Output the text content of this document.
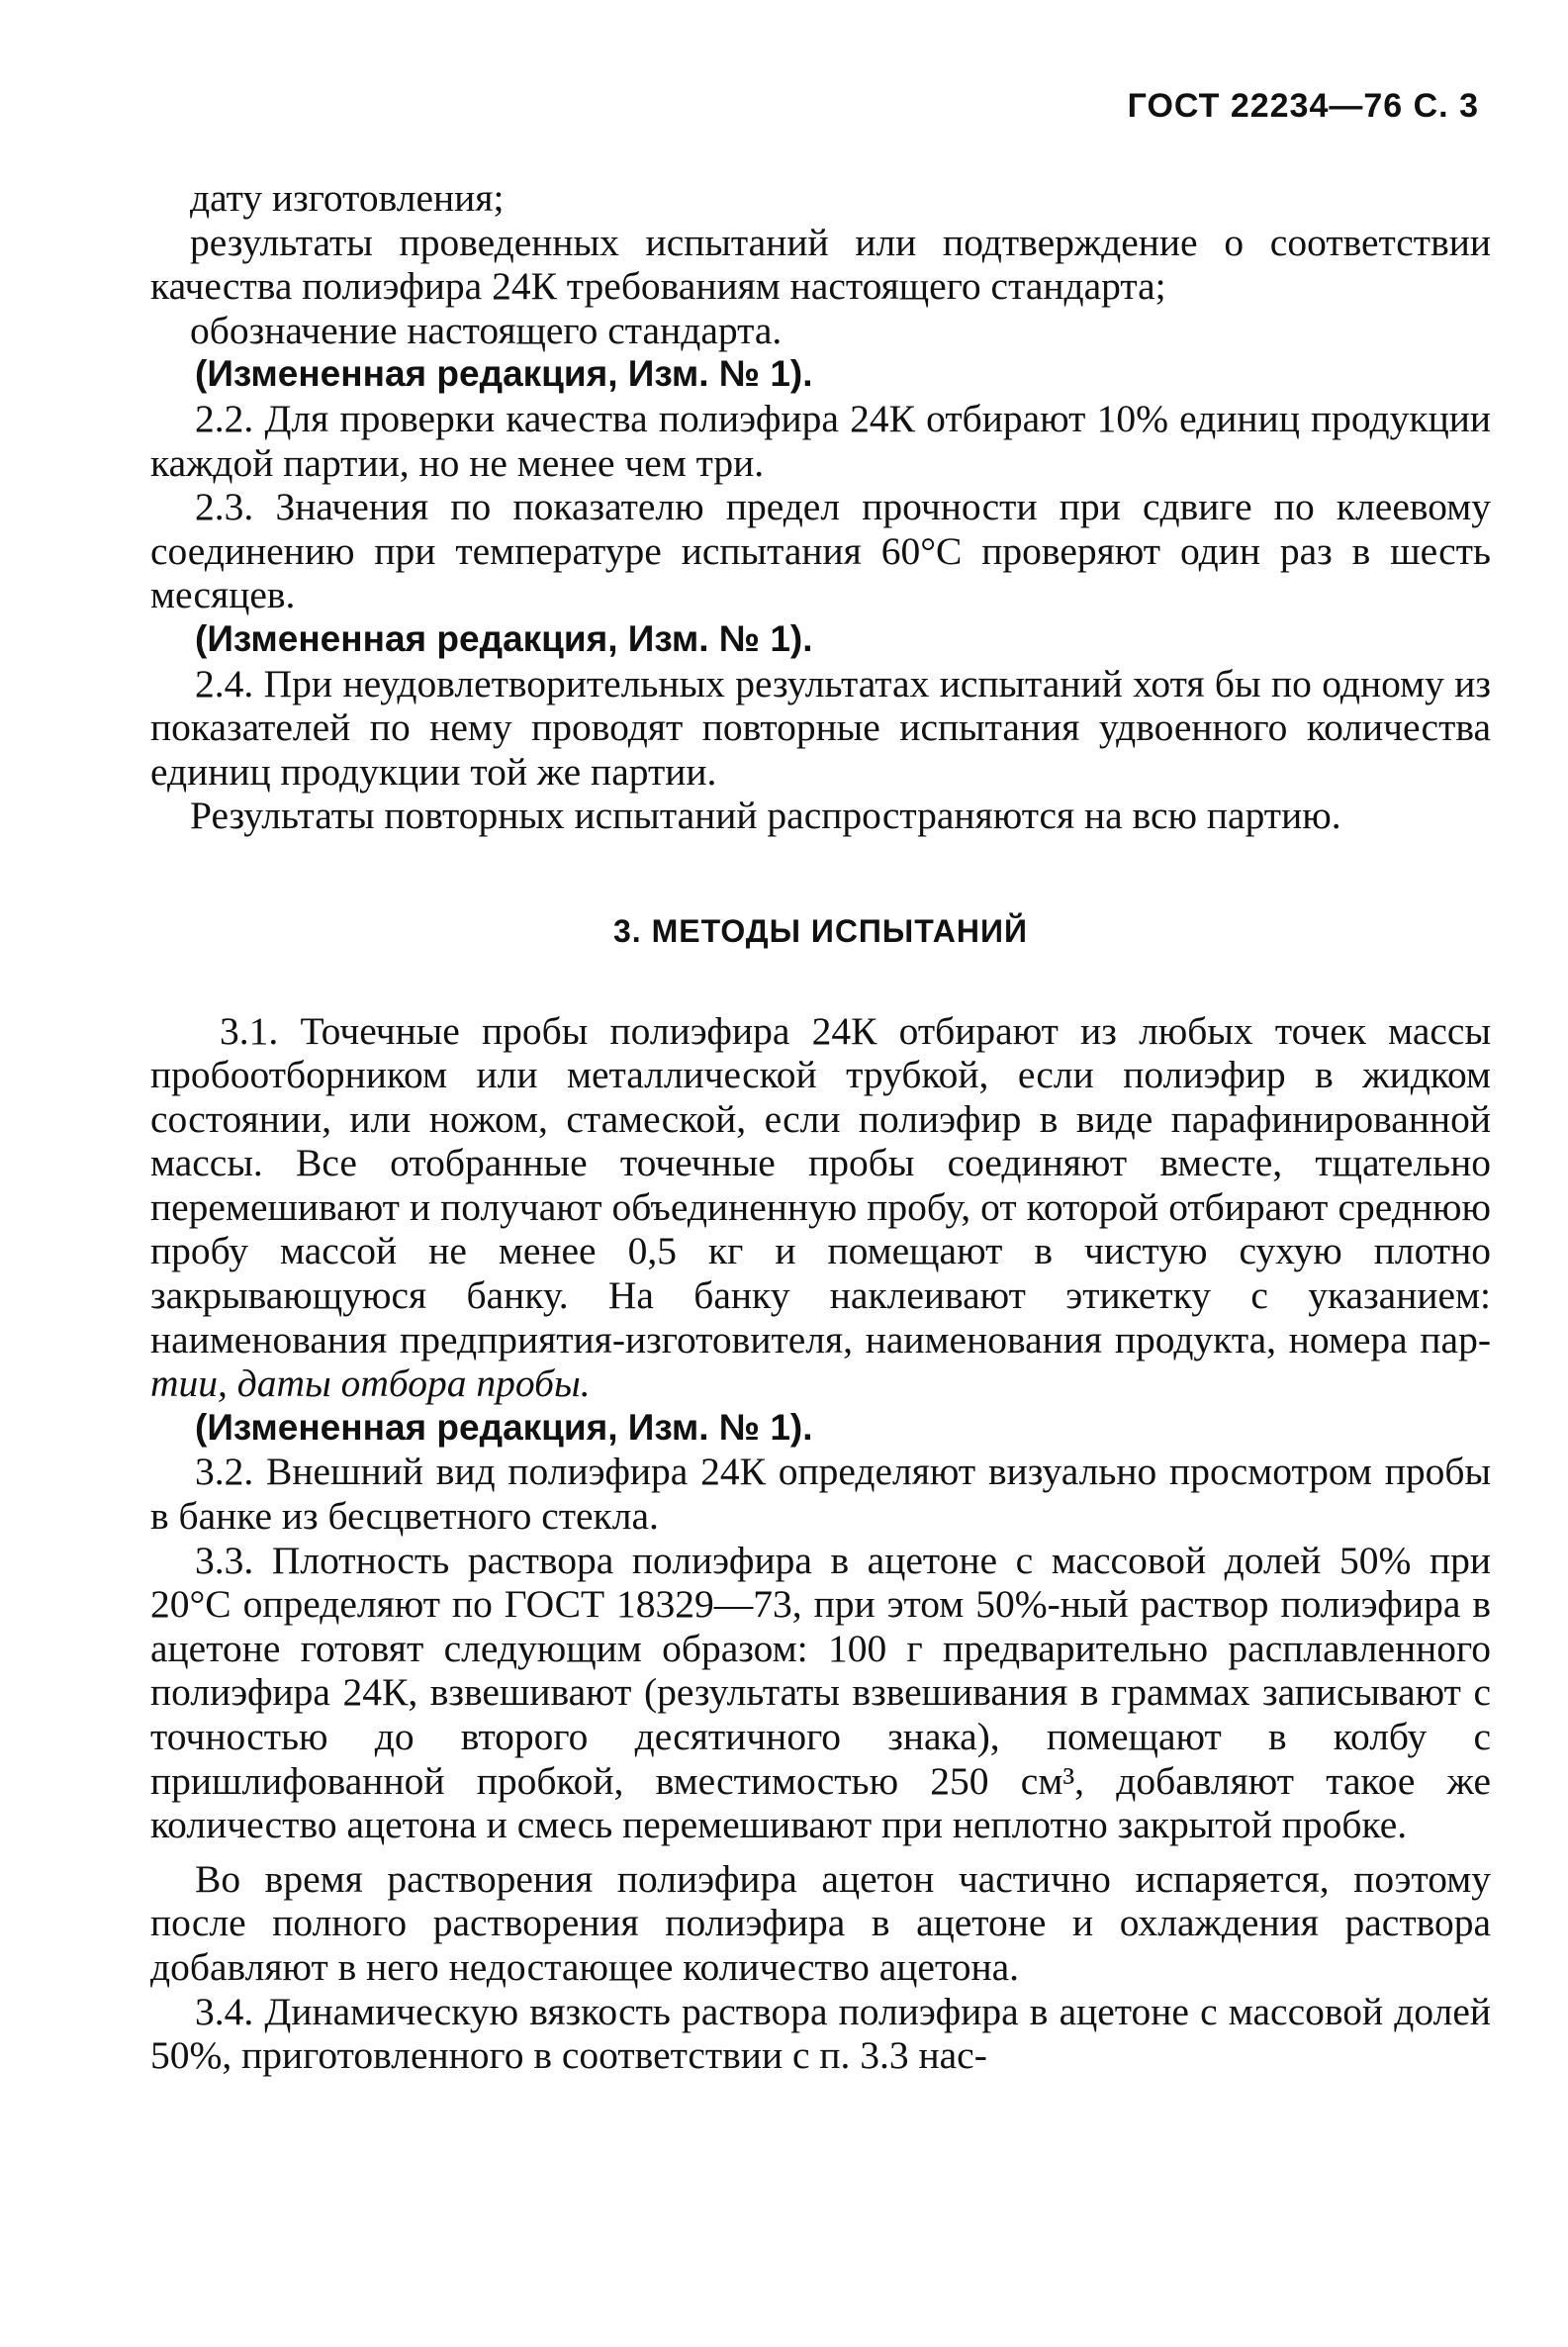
ГОСТ 22234—76 С. 3

дату изготовления;

результаты проведенных испытаний или подтверждение о соответствии качества полиэфира 24К требованиям настоящего стандарта;

обозначение настоящего стандарта.

(Измененная редакция, Изм. № 1).

2.2. Для проверки качества полиэфира 24К отбирают 10% единиц продукции каждой партии, но не менее чем три.

2.3. Значения по показателю предел прочности при сдвиге по клеевому соединению при температуре испытания 60°С проверяют один раз в шесть месяцев.

(Измененная редакция, Изм. № 1).

2.4. При неудовлетворительных результатах испытаний хотя бы по одному из показателей по нему проводят повторные испытания удвоенного количества единиц продукции той же партии.

Результаты повторных испытаний распространяются на всю партию.

3. МЕТОДЫ ИСПЫТАНИЙ

3.1. Точечные пробы полиэфира 24К отбирают из любых точек массы пробоотборником или металлической трубкой, если полиэфир в жидком состоянии, или ножом, стамеской, если полиэфир в виде парафинированной массы. Все отобранные точечные пробы соединяют вместе, тщательно перемешивают и получают объединенную пробу, от которой отбирают среднюю пробу массой не менее 0,5 кг и помещают в чистую сухую плотно закрывающуюся банку. На банку наклеивают этикетку с указанием: наименования предприятия-изготовителя, наименования продукта, номера пар- тии, даты отбора пробы.

(Измененная редакция, Изм. № 1).

3.2. Внешний вид полиэфира 24К определяют визуально просмотром пробы в банке из бесцветного стекла.

3.3. Плотность раствора полиэфира в ацетоне с массовой долей 50% при 20°С определяют по ГОСТ 18329—73, при этом 50%-ный раствор полиэфира в ацетоне готовят следующим образом: 100 г предварительно расплавленного полиэфира 24К, взвешивают (результаты взвешивания в граммах записывают с точностью до второго десятичного знака), помещают в колбу с пришлифованной пробкой, вместимостью 250 см³, добавляют такое же количество ацетона и смесь перемешивают при неплотно закрытой пробке.

Во время растворения полиэфира ацетон частично испаряется, поэтому после полного растворения полиэфира в ацетоне и охлаждения раствора добавляют в него недостающее количество ацетона.

3.4. Динамическую вязкость раствора полиэфира в ацетоне с массовой долей 50%, приготовленного в соответствии с п. 3.3 нас-
